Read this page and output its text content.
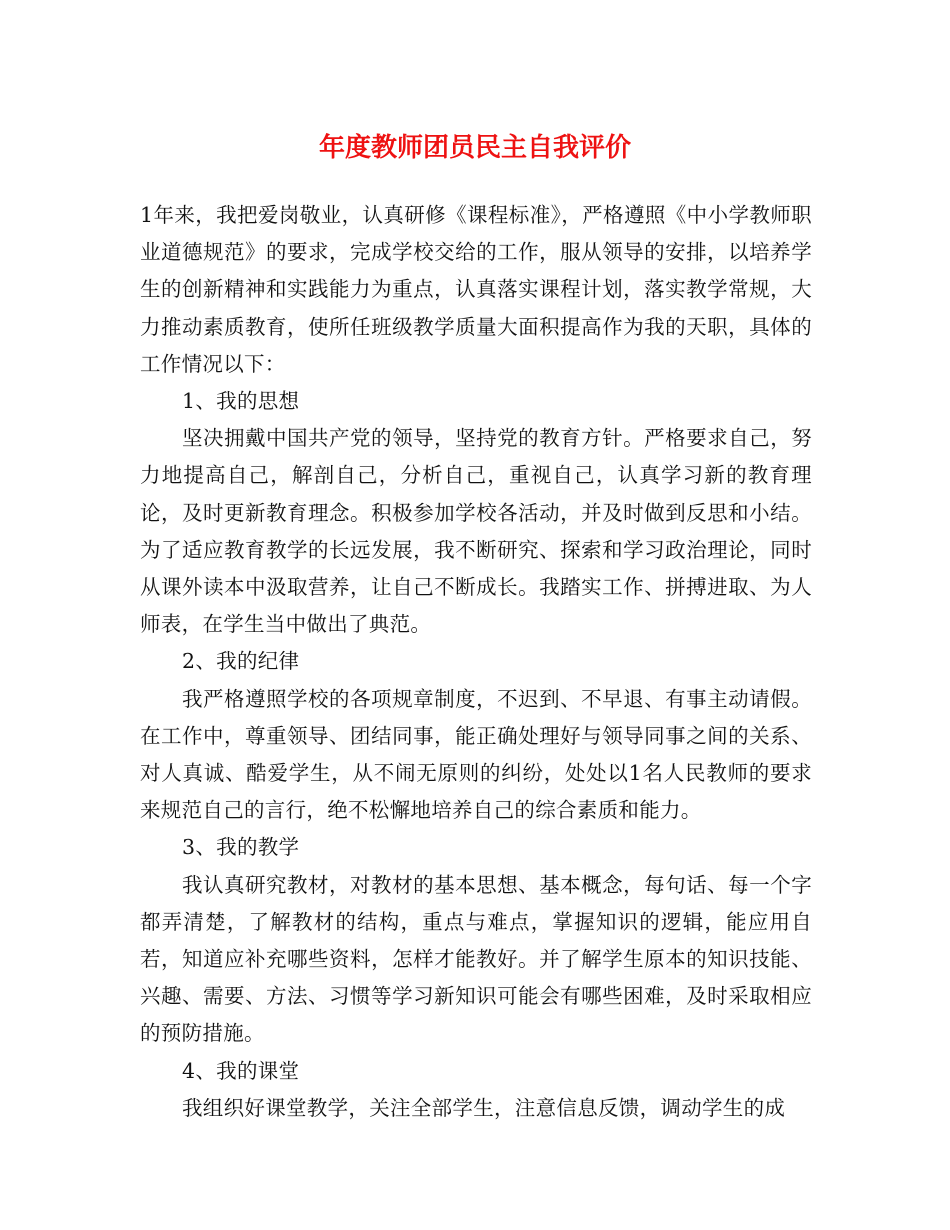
年度教师团员民主自我评价

1年来，我把爱岗敬业，认真研修《课程标准》，严格遵照《中小学教师职业道德规范》的要求，完成学校交给的工作，服从领导的安排，以培养学生的创新精神和实践能力为重点，认真落实课程计划，落实教学常规，大力推动素质教育，使所任班级教学质量大面积提高作为我的天职，具体的工作情况以下：

1、我的思想

坚决拥戴中国共产党的领导，坚持党的教育方针。严格要求自己，努力地提高自己，解剖自己，分析自己，重视自己，认真学习新的教育理论，及时更新教育理念。积极参加学校各活动，并及时做到反思和小结。为了适应教育教学的长远发展，我不断研究、探索和学习政治理论，同时从课外读本中汲取营养，让自己不断成长。我踏实工作、拼搏进取、为人师表，在学生当中做出了典范。

2、我的纪律

我严格遵照学校的各项规章制度，不迟到、不早退、有事主动请假。在工作中，尊重领导、团结同事，能正确处理好与领导同事之间的关系、对人真诚、酷爱学生，从不闹无原则的纠纷，处处以1名人民教师的要求来规范自己的言行，绝不松懈地培养自己的综合素质和能力。

3、我的教学

我认真研究教材，对教材的基本思想、基本概念，每句话、每一个字都弄清楚，了解教材的结构，重点与难点，掌握知识的逻辑，能应用自若，知道应补充哪些资料，怎样才能教好。并了解学生原本的知识技能、兴趣、需要、方法、习惯等学习新知识可能会有哪些困难，及时采取相应的预防措施。

4、我的课堂

我组织好课堂教学，关注全部学生，注意信息反馈，调动学生的成
